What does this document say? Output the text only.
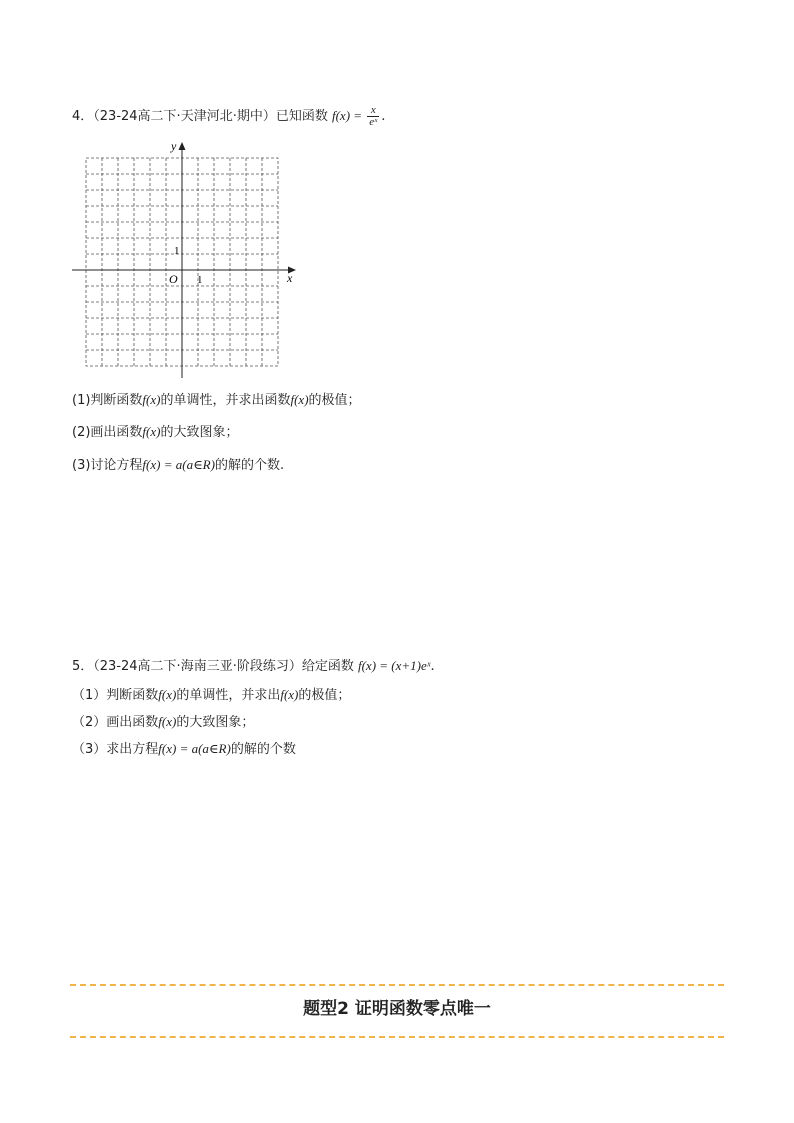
4．（23-24高二下·天津河北·期中）已知函数 $f(x) = \frac{x}{\text{eˣ}}$ .
x
y
O 1
1
(1)判断函数f(x)的单调性，并求出函数f(x)的极值；
(2)画出函数f(x)的大致图象；
(3)讨论方程f(x) = a(a∈R)的解的个数.
5．（23-24高二下·海南三亚·阶段练习）给定函数 f(x) = (x+1)eˣ.
（1）判断函数f(x)的单调性，并求出f(x)的极值；
（2）画出函数f(x)的大致图象；
（3）求出方程f(x) = a(a∈R)的解的个数
题型2 证明函数零点唯一
